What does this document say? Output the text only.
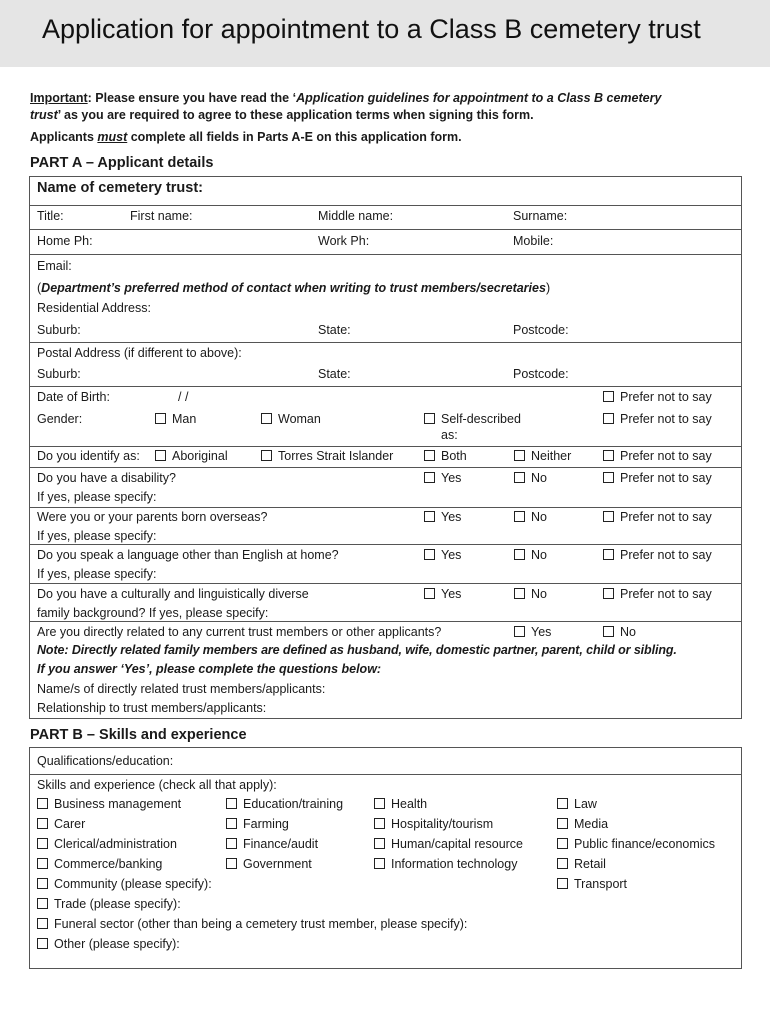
Application for appointment to a Class B cemetery trust
Important: Please ensure you have read the ‘Application guidelines for appointment to a Class B cemetery
trust’ as you are required to agree to these application terms when signing this form.
Applicants must complete all fields in Parts A-E on this application form.
PART A – Applicant details
Name of cemetery trust:
Title:	First name:	Middle name:	Surname:
Home Ph:	Work Ph:	Mobile:
Email:
(Department’s preferred method of contact when writing to trust members/secretaries)
Residential Address:
Suburb:	State:	Postcode:
Postal Address (if different to above):
Suburb:	State:	Postcode:
Date of Birth:	/ /	Prefer not to say
Gender:	Man	Woman	Self-described
as:
Prefer not to say
Do you identify as:	Aboriginal	Torres Strait Islander	Both	Neither	Prefer not to say
Do you have a disability?
If yes, please specify:
Yes	No	Prefer not to say
Were you or your parents born overseas?
If yes, please specify:
Yes	No	Prefer not to say
Do you speak a language other than English at home?
If yes, please specify:
Yes	No	Prefer not to say
Do you have a culturally and linguistically diverse
family background? If yes, please specify:
Yes	No	Prefer not to say
Are you directly related to any current trust members or other applicants?	Yes	No
Note: Directly related family members are defined as husband, wife, domestic partner, parent, child or sibling.
If you answer ‘Yes’, please complete the questions below:
Name/s of directly related trust members/applicants:
Relationship to trust members/applicants:
PART B – Skills and experience
Qualifications/education:
Skills and experience (check all that apply):
Business management	Education/training	Health	Law
Carer	Farming	Hospitality/tourism	Media
Clerical/administration	Finance/audit	Human/capital resource	Public finance/economics
Commerce/banking	Government	Information technology	Retail
Community (please specify):	Transport
Trade (please specify):
Funeral sector (other than being a cemetery trust member, please specify):
Other (please specify):
